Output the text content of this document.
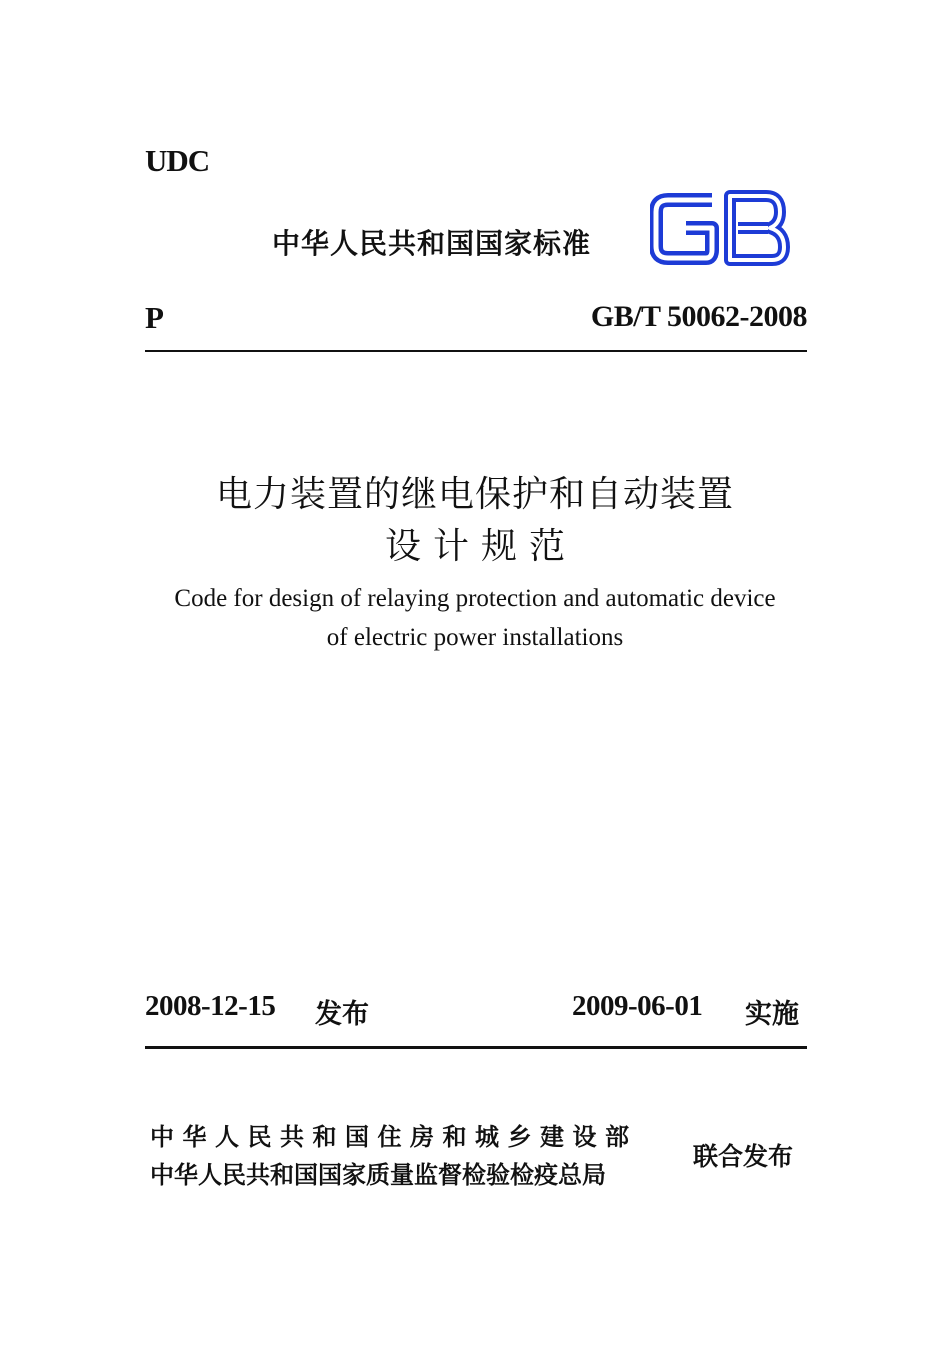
UDC
中华人民共和国国家标准
P	GB/T 50062-2008
电力装置的继电保护和自动装置
设计规范
Code for design of relaying protection and automatic device
of electric power installations
2008-12-15 发布	2009-06-01 实施
中华人民共和国住房和城乡建设部
中华人民共和国国家质量监督检验检疫总局
联合发布
